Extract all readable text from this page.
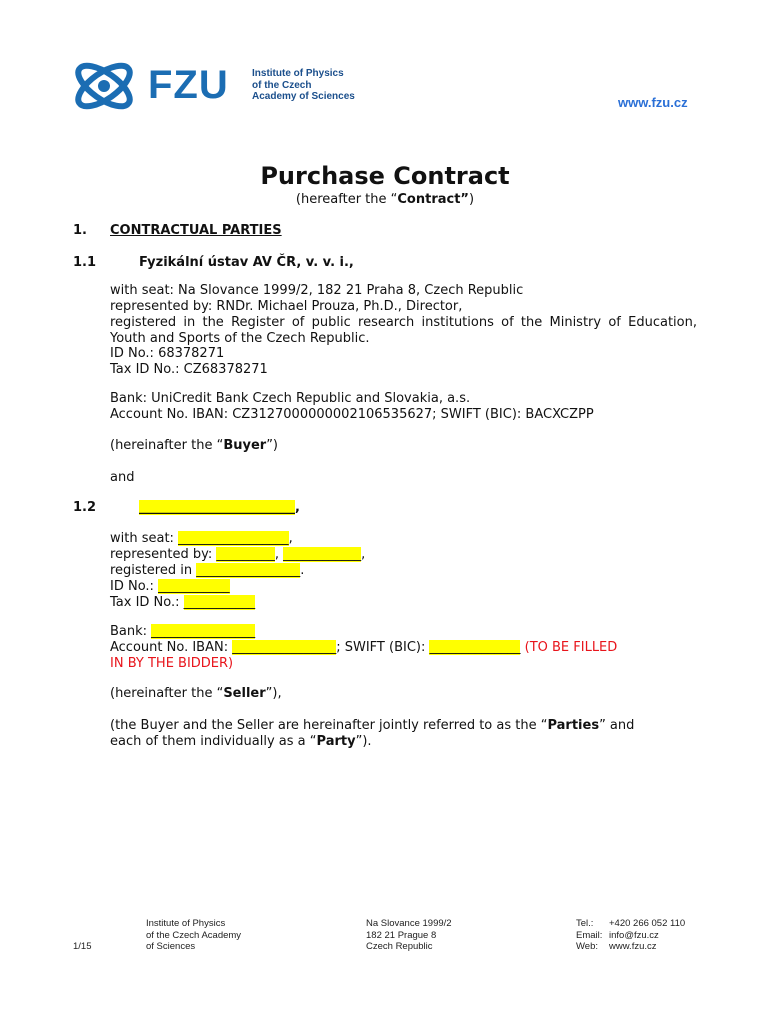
FZU Institute of Physics
of the Czech
Academy of Sciences	www.fzu.cz
Purchase Contract
(hereafter the “Contract”)
1. CONTRACTUAL PARTIES
1.1	Fyzikální ústav AV ČR, v. v. i.,
with seat: Na Slovance 1999/2, 182 21 Praha 8, Czech Republic
represented by: RNDr. Michael Prouza, Ph.D., Director,
registered in the Register of public research institutions of the Ministry of Education, Youth and Sports of the Czech Republic.
ID No.: 68378271
Tax ID No.: CZ68378271
Bank: UniCredit Bank Czech Republic and Slovakia, a.s.
Account No. IBAN: CZ3127000000002106535627; SWIFT (BIC): BACXCZPP
(hereinafter the “Buyer”)
and
1.2	________________________,
with seat: _________________,
represented by: _________, ____________,
registered in ________________.
ID No.: ___________
Tax ID No.: ___________
Bank: ________________
Account No. IBAN: ________________; SWIFT (BIC): ______________ (TO BE FILLED
IN BY THE BIDDER)
(hereinafter the “Seller”),
(the Buyer and the Seller are hereinafter jointly referred to as the “Parties” and
each of them individually as a “Party”).
1/15
Institute of Physics
of the Czech Academy
of Sciences
Na Slovance 1999/2
182 21 Prague 8
Czech Republic
Tel.: +420 266 052 110
Email: info@fzu.cz
Web: www.fzu.cz
